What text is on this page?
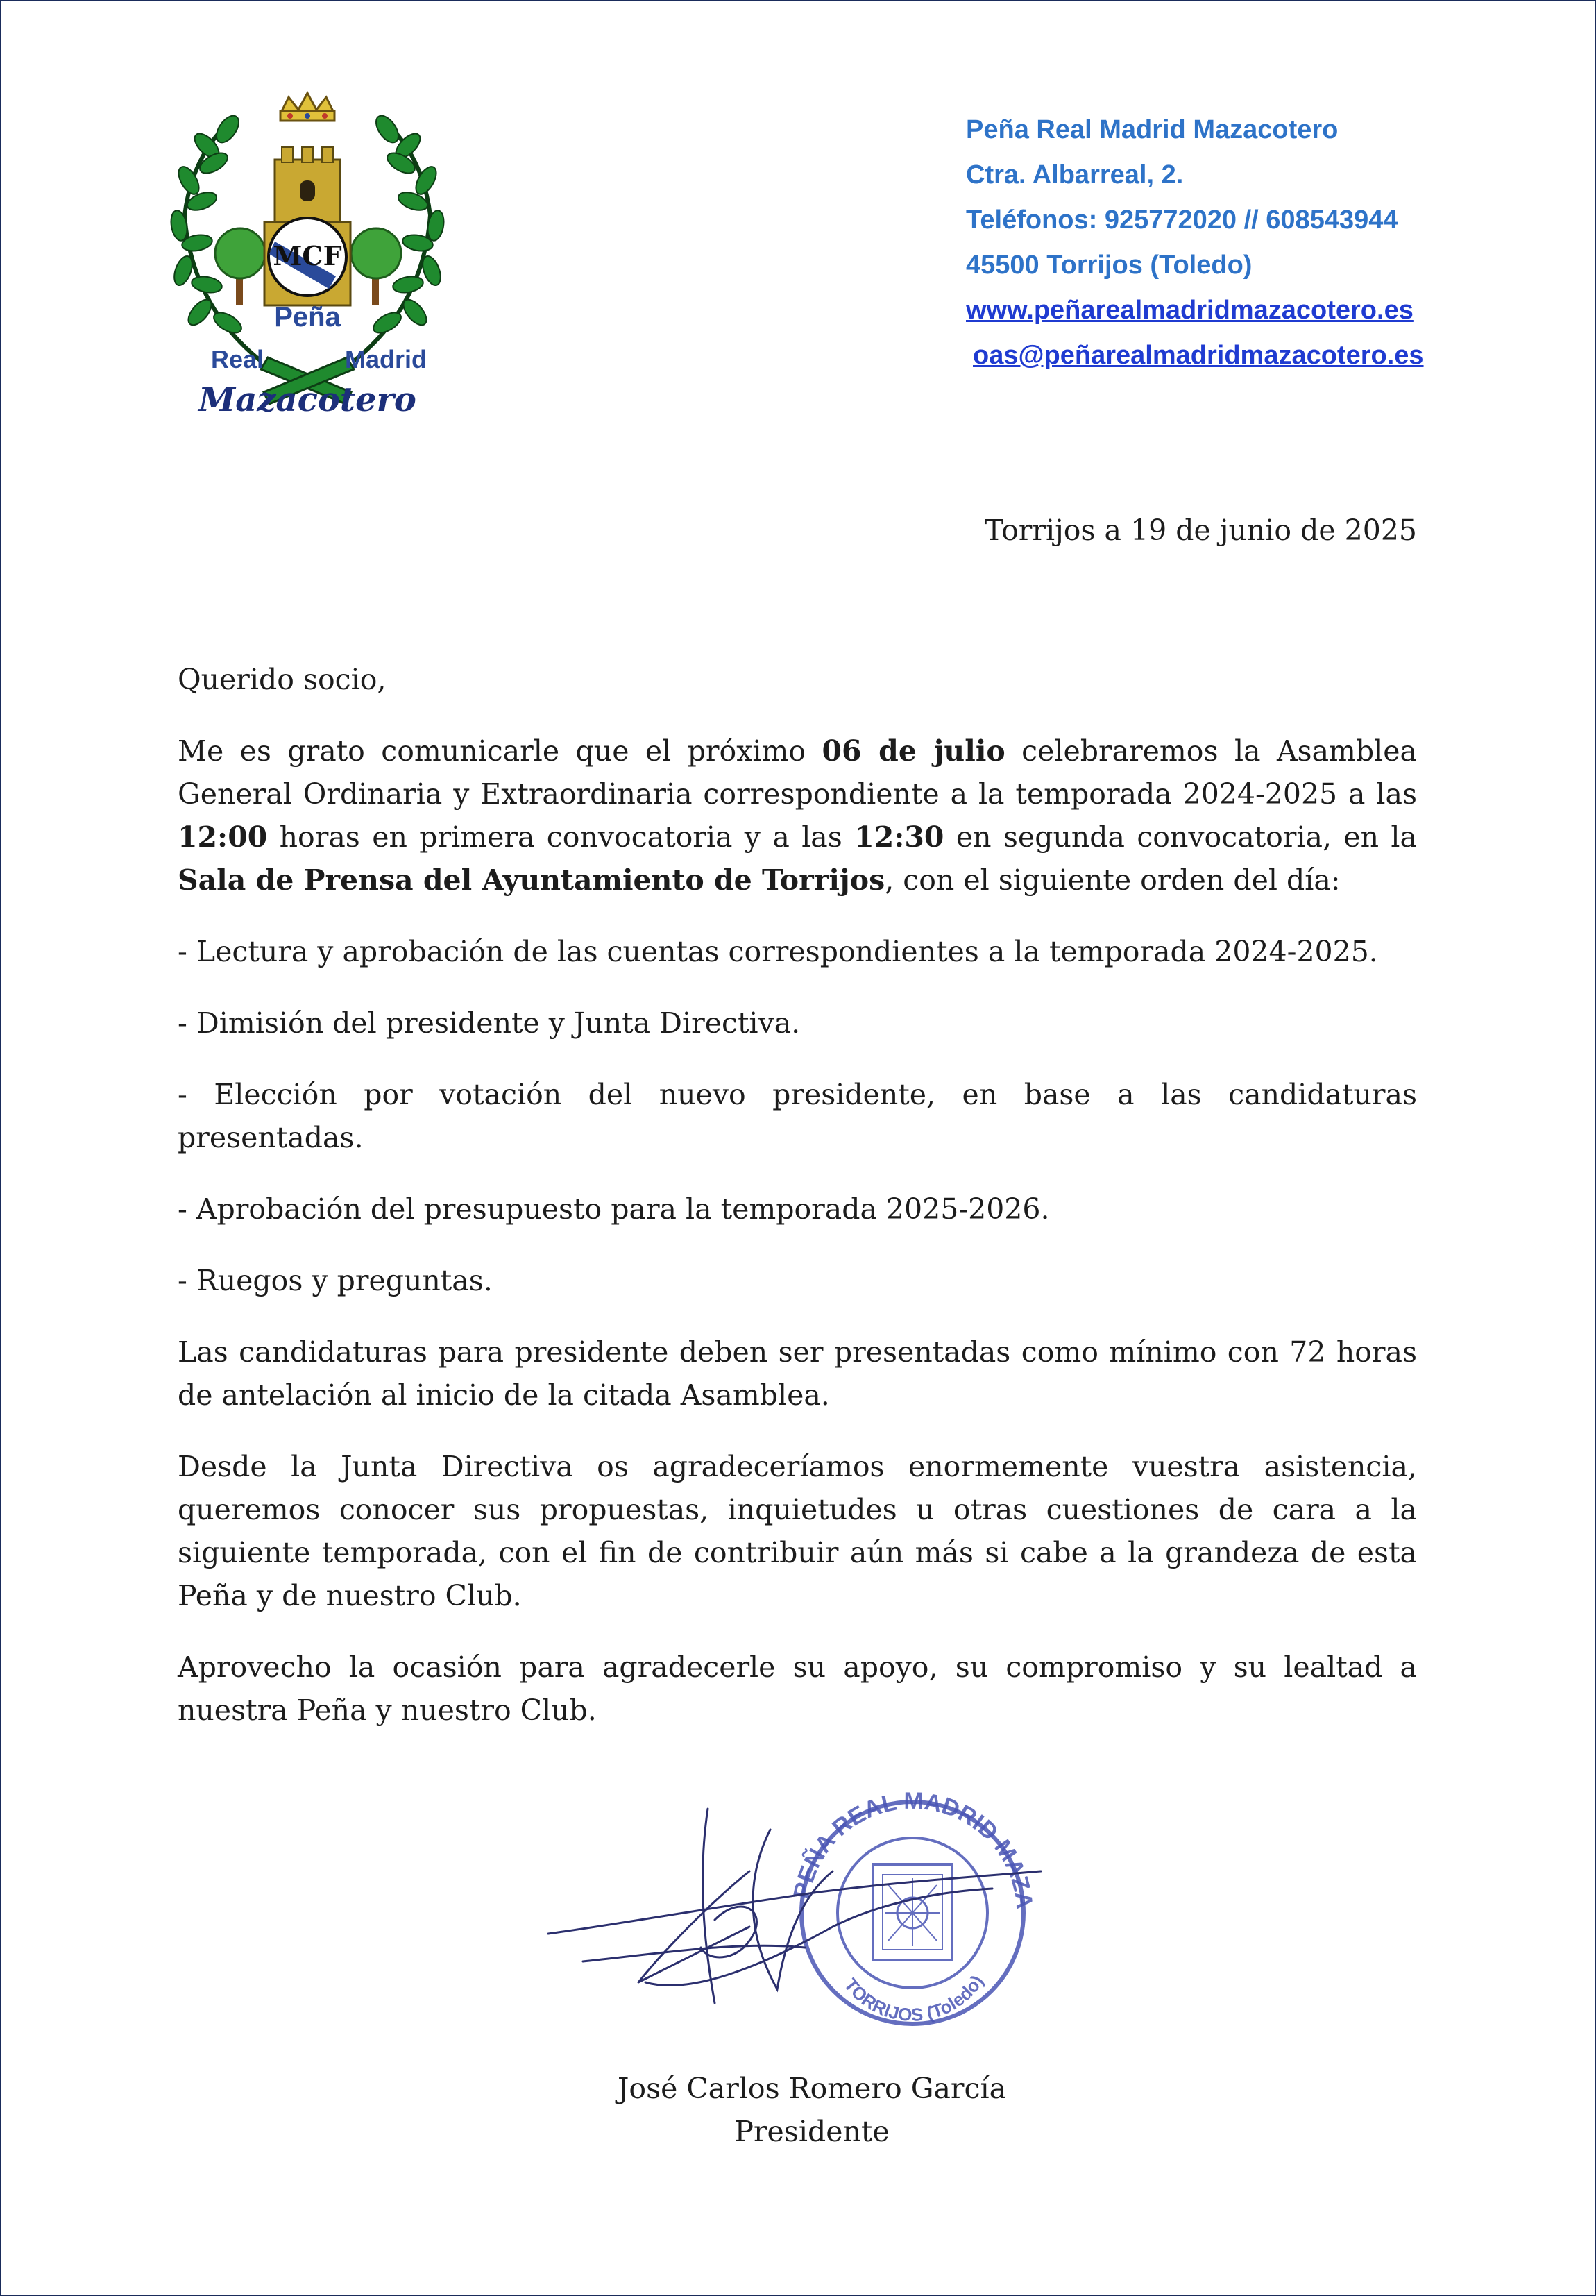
MCF
Peña
Real	Madrid
Mazacotero
Peña Real Madrid Mazacotero
Ctra. Albarreal, 2.
Teléfonos: 925772020 // 608543944
45500 Torrijos (Toledo)
www.peñarealmadridmazacotero.es
oas@peñarealmadridmazacotero.es
Torrijos a 19 de junio de 2025

Querido socio,

Me es grato comunicarle que el próximo 06 de julio celebraremos la Asamblea General Ordinaria y Extraordinaria correspondiente a la temporada 2024-2025 a las 12:00 horas en primera convocatoria y a las 12:30 en segunda convocatoria, en la Sala de Prensa del Ayuntamiento de Torrijos, con el siguiente orden del día:

- Lectura y aprobación de las cuentas correspondientes a la temporada 2024-2025.

- Dimisión del presidente y Junta Directiva.

- Elección por votación del nuevo presidente, en base a las candidaturas presentadas.

- Aprobación del presupuesto para la temporada 2025-2026.

- Ruegos y preguntas.

Las candidaturas para presidente deben ser presentadas como mínimo con 72 horas de antelación al inicio de la citada Asamblea.

Desde la Junta Directiva os agradeceríamos enormemente vuestra asistencia, queremos conocer sus propuestas, inquietudes u otras cuestiones de cara a la siguiente temporada, con el fin de contribuir aún más si cabe a la grandeza de esta Peña y de nuestro Club.

Aprovecho la ocasión para agradecerle su apoyo, su compromiso y su lealtad a nuestra Peña y nuestro Club.

PEÑA REAL MADRID MAZA
TORRIJOS (Toledo)
José Carlos Romero García
Presidente
